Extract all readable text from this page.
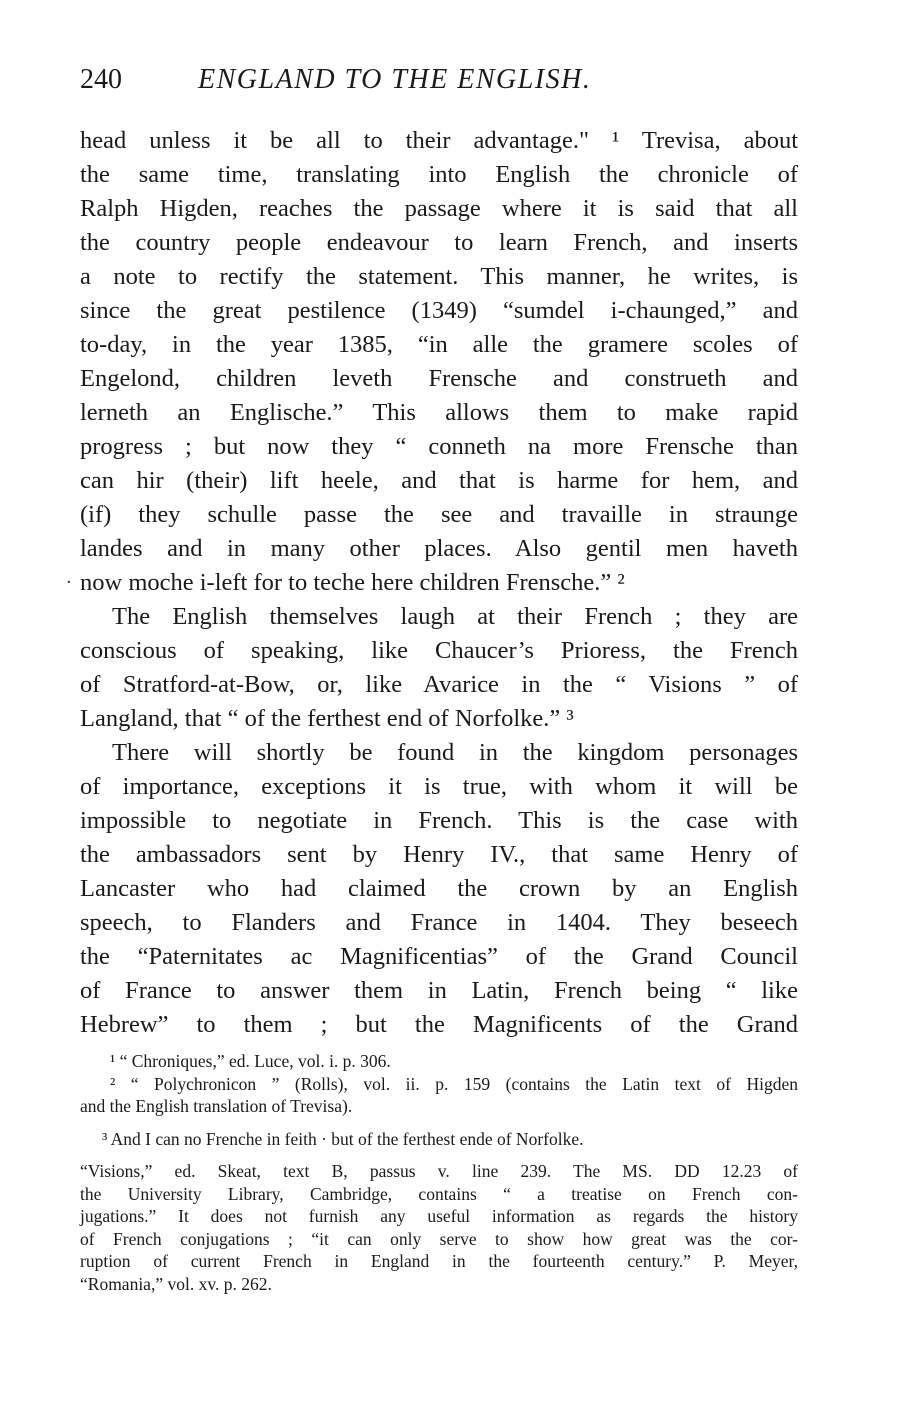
240	ENGLAND TO THE ENGLISH.
head unless it be all to their advantage." ¹ Trevisa, about
the same time, translating into English the chronicle of
Ralph Higden, reaches the passage where it is said that all
the country people endeavour to learn French, and inserts
a note to rectify the statement. This manner, he writes, is
since the great pestilence (1349) “sumdel i-chaunged,” and
to-day, in the year 1385, “in alle the gramere scoles of
Engelond, children leveth Frensche and construeth and
lerneth an Englische.” This allows them to make rapid
progress ; but now they “ conneth na more Frensche than
can hir (their) lift heele, and that is harme for hem, and
(if) they schulle passe the see and travaille in straunge
landes and in many other places. Also gentil men haveth
now moche i-left for to teche here children Frensche.” ²
The English themselves laugh at their French ; they are
conscious of speaking, like Chaucer’s Prioress, the French
of Stratford-at-Bow, or, like Avarice in the “ Visions ” of
Langland, that “ of the ferthest end of Norfolke.” ³
There will shortly be found in the kingdom personages
of importance, exceptions it is true, with whom it will be
impossible to negotiate in French. This is the case with
the ambassadors sent by Henry IV., that same Henry of
Lancaster who had claimed the crown by an English
speech, to Flanders and France in 1404. They beseech
the “Paternitates ac Magnificentias” of the Grand Council
of France to answer them in Latin, French being “ like
Hebrew” to them ; but the Magnificents of the Grand
·
¹ “ Chroniques,” ed. Luce, vol. i. p. 306.
² “ Polychronicon ” (Rolls), vol. ii. p. 159 (contains the Latin text of Higden
and the English translation of Trevisa).
³ And I can no Frenche in feith · but of the ferthest ende of Norfolke.
“Visions,” ed. Skeat, text B, passus v. line 239. The MS. DD 12.23 of
the University Library, Cambridge, contains “ a treatise on French con-
jugations.” It does not furnish any useful information as regards the history
of French conjugations ; “it can only serve to show how great was the cor-
ruption of current French in England in the fourteenth century.” P. Meyer,
“Romania,” vol. xv. p. 262.
